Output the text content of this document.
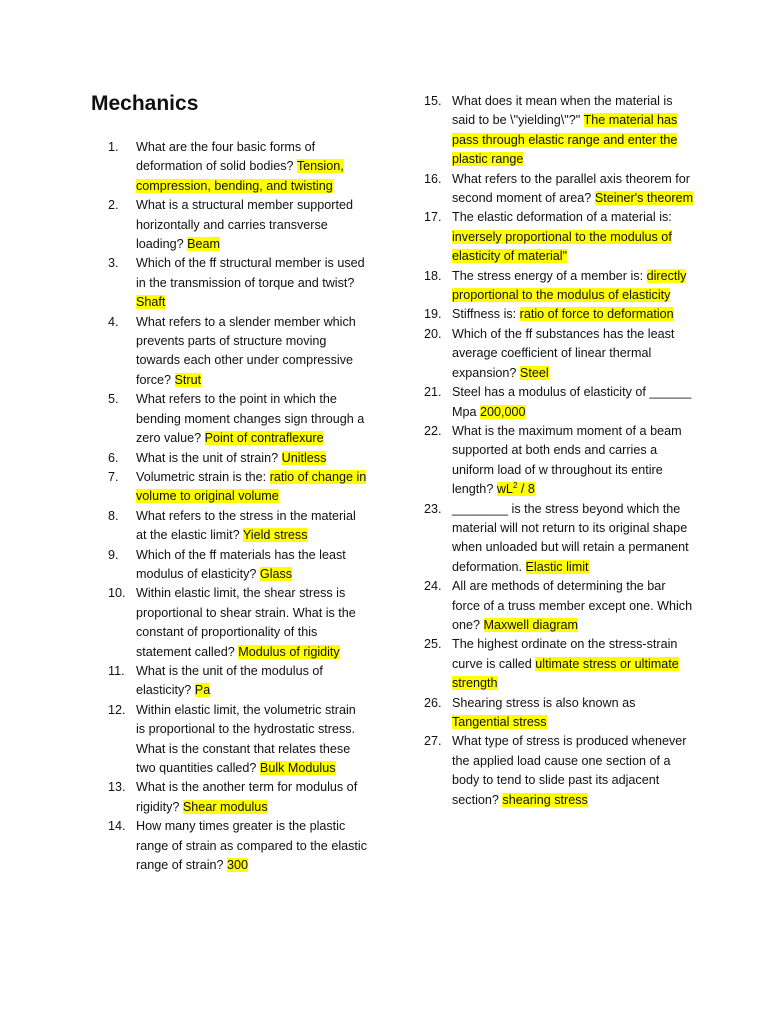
Mechanics
1. What are the four basic forms of deformation of solid bodies? Tension, compression, bending, and twisting
2. What is a structural member supported horizontally and carries transverse loading? Beam
3. Which of the ff structural member is used in the transmission of torque and twist? Shaft
4. What refers to a slender member which prevents parts of structure moving towards each other under compressive force? Strut
5. What refers to the point in which the bending moment changes sign through a zero value? Point of contraflexure
6. What is the unit of strain? Unitless
7. Volumetric strain is the: ratio of change in volume to original volume
8. What refers to the stress in the material at the elastic limit? Yield stress
9. Which of the ff materials has the least modulus of elasticity? Glass
10. Within elastic limit, the shear stress is proportional to shear strain. What is the constant of proportionality of this statement called? Modulus of rigidity
11. What is the unit of the modulus of elasticity? Pa
12. Within elastic limit, the volumetric strain is proportional to the hydrostatic stress. What is the constant that relates these two quantities called? Bulk Modulus
13. What is the another term for modulus of rigidity? Shear modulus
14. How many times greater is the plastic range of strain as compared to the elastic range of strain? 300
15. What does it mean when the material is said to be \"yielding\"?" The material has pass through elastic range and enter the plastic range
16. What refers to the parallel axis theorem for second moment of area? Steiner's theorem
17. The elastic deformation of a material is: inversely proportional to the modulus of elasticity of material"
18. The stress energy of a member is: directly proportional to the modulus of elasticity
19. Stiffness is: ratio of force to deformation
20. Which of the ff substances has the least average coefficient of linear thermal expansion? Steel
21. Steel has a modulus of elasticity of ______ Mpa 200,000
22. What is the maximum moment of a beam supported at both ends and carries a uniform load of w throughout its entire length? $wL^2 / 8$
23. ________ is the stress beyond which the material will not return to its original shape when unloaded but will retain a permanent deformation. Elastic limit
24. All are methods of determining the bar force of a truss member except one. Which one? Maxwell diagram
25. The highest ordinate on the stress-strain curve is called ultimate stress or ultimate strength
26. Shearing stress is also known as Tangential stress
27. What type of stress is produced whenever the applied load cause one section of a body to tend to slide past its adjacent section? shearing stress
